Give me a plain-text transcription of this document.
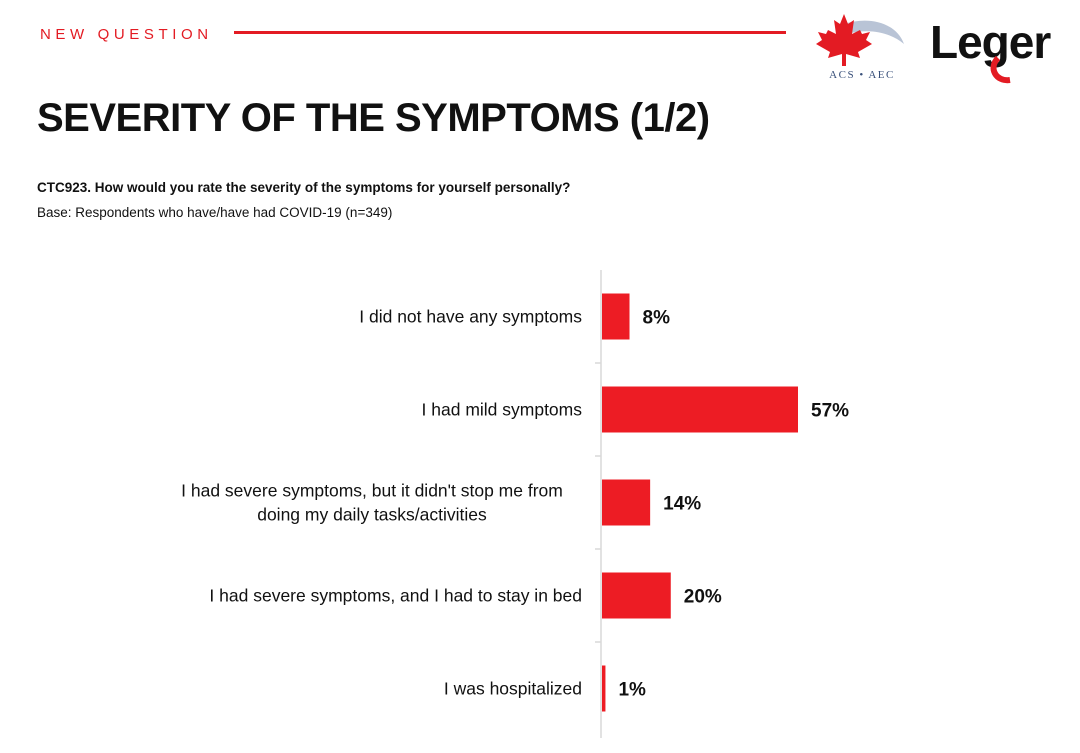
NEW QUESTION
ACS • AEC
Leger
SEVERITY OF THE SYMPTOMS (1/2)
CTC923. How would you rate the severity of the symptoms for yourself personally?
Base: Respondents who have/have had COVID-19 (n=349)
8%
I did not have any symptoms
57%
I had mild symptoms
14%
I had severe symptoms, but it didn't stop me from
doing my daily tasks/activities
20%
I had severe symptoms, and I had to stay in bed
1%
I was hospitalized
